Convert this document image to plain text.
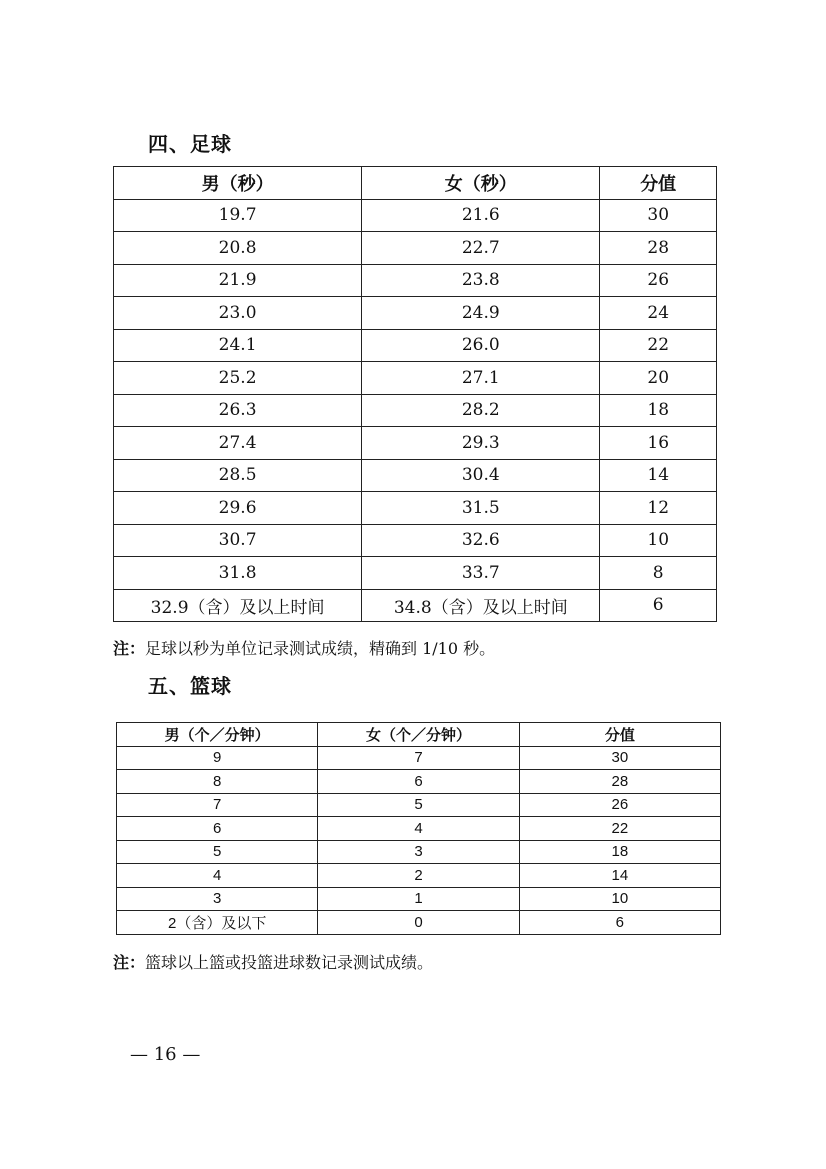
四、足球
男（秒）	女（秒）	分值
19.7	21.6	30
20.8	22.7	28
21.9	23.8	26
23.0	24.9	24
24.1	26.0	22
25.2	27.1	20
26.3	28.2	18
27.4	29.3	16
28.5	30.4	14
29.6	31.5	12
30.7	32.6	10
31.8	33.7	8
32.9（含）及以上时间	34.8（含）及以上时间	6
注：足球以秒为单位记录测试成绩，精确到 1/10 秒。
五、篮球
男（个／分钟）	女（个／分钟）	分值
9	7	30
8	6	28
7	5	26
6	4	22
5	3	18
4	2	14
3	1	10
2（含）及以下	0	6
注：篮球以上篮或投篮进球数记录测试成绩。
— 16 —
